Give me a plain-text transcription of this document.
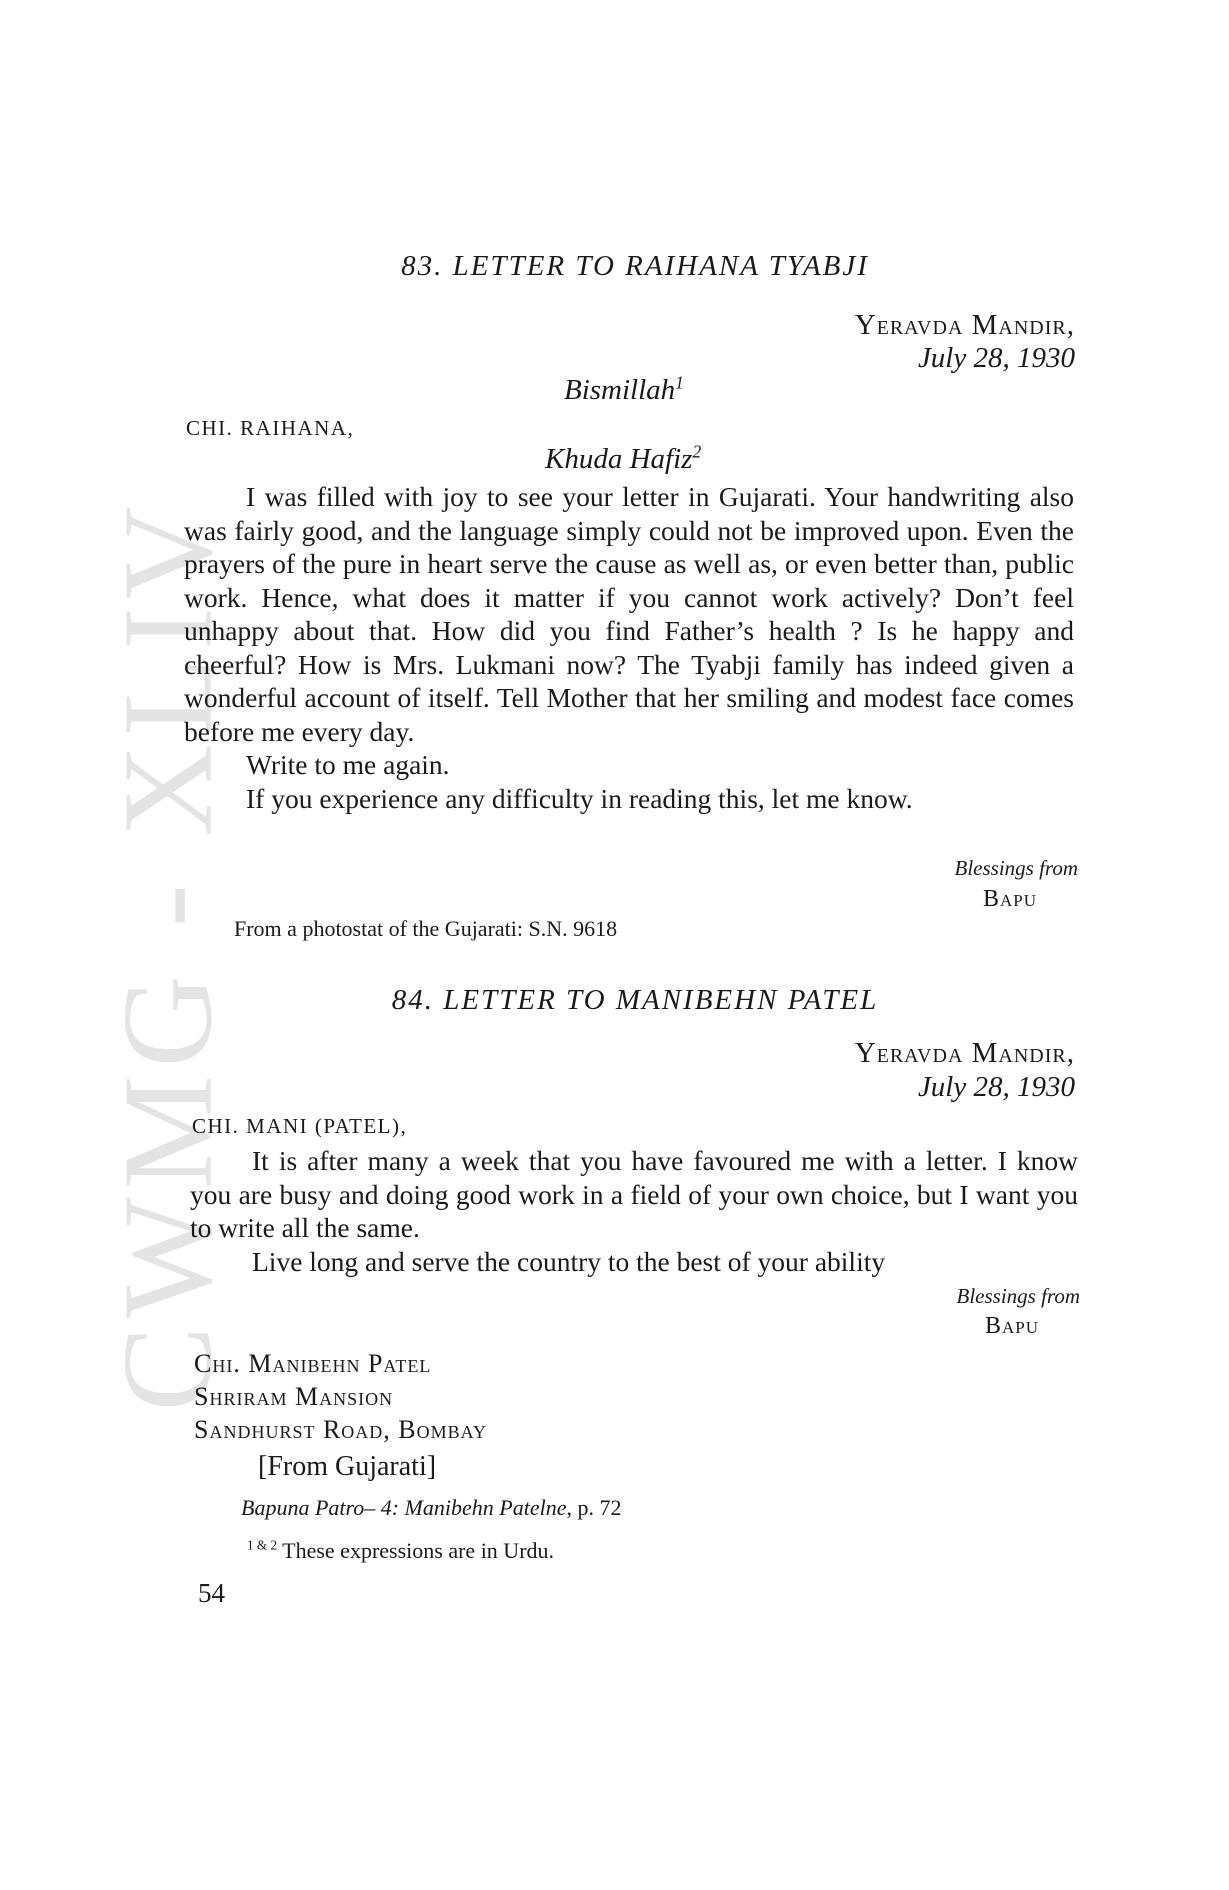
CWMG - XLIV
83. LETTER TO RAIHANA TYABJI
Yeravda Mandir,
July 28, 1930
Bismillah$^1$
CHI. RAIHANA,
Khuda Hafiz$^2$

I was filled with joy to see your letter in Gujarati. Your handwriting also was fairly good, and the language simply could not be improved upon. Even the prayers of the pure in heart serve the cause as well as, or even better than, public work. Hence, what does it matter if you cannot work actively? Don’t feel unhappy about that. How did you find Father’s health ? Is he happy and cheerful? How is Mrs. Lukmani now? The Tyabji family has indeed given a wonderful account of itself. Tell Mother that her smiling and modest face comes before me every day.

Write to me again.

If you experience any difficulty in reading this, let me know.

Blessings from
Bapu
From a photostat of the Gujarati: S.N. 9618
84. LETTER TO MANIBEHN PATEL
Yeravda Mandir,
July 28, 1930
CHI. MANI (PATEL),

It is after many a week that you have favoured me with a letter. I know you are busy and doing good work in a field of your own choice, but I want you to write all the same.

Live long and serve the country to the best of your ability

Blessings from
Bapu
Chi. Manibehn Patel
Shriram Mansion
Sandhurst Road, Bombay
[From Gujarati]
Bapuna Patro– 4: Manibehn Patelne, p. 72
$^{1 \& 2}$ These expressions are in Urdu.
54
